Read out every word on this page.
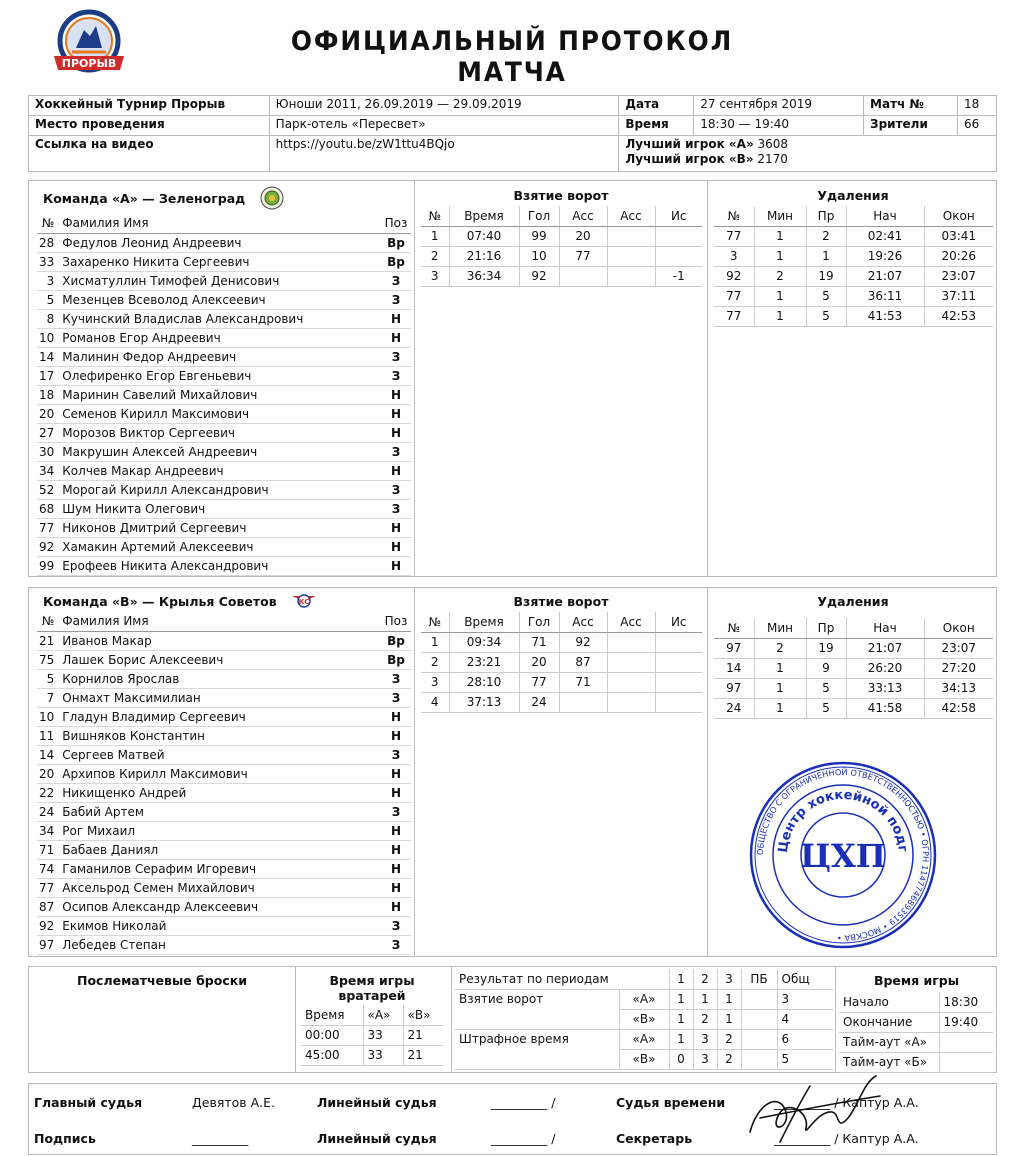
ПРОРЫВ
ОФИЦИАЛЬНЫЙ ПРОТОКОЛ МАТЧА
Хоккейный Турнир Прорыв	Юноши 2011, 26.09.2019 — 29.09.2019	Дата	27 сентября 2019	Матч №	18
Место проведения	Парк-отель «Пересвет»	Время	18:30 — 19:40	Зрители	66
Ссылка на видео	https://youtu.be/zW1ttu4BQjo	Лучший игрок «А» 3608
Лучший игрок «В» 2170			
Команда «А» — Зеленоград
№	Фамилия Имя	Поз
28	Федулов Леонид Андреевич	Вр
33	Захаренко Никита Сергеевич	Вр
3	Хисматуллин Тимофей Денисович	З
5	Мезенцев Всеволод Алексеевич	З
8	Кучинский Владислав Александрович	Н
10	Романов Егор Андреевич	Н
14	Малинин Федор Андреевич	З
17	Олефиренко Егор Евгеньевич	З
18	Маринин Савелий Михайлович	Н
20	Семенов Кирилл Максимович	Н
27	Морозов Виктор Сергеевич	Н
30	Макрушин Алексей Андреевич	З
34	Колчев Макар Андреевич	Н
52	Морогай Кирилл Александрович	З
68	Шум Никита Олегович	З
77	Никонов Дмитрий Сергеевич	Н
92	Хамакин Артемий Алексеевич	Н
99	Ерофеев Никита Александрович	Н
Взятие ворот
№	Время	Гол	Асс	Асс	Ис
1	07:40	99	20		
2	21:16	10	77		
3	36:34	92			-1
Удаления
№	Мин	Пр	Нач	Окон
77	1	2	02:41	03:41
3	1	1	19:26	20:26
92	2	19	21:07	23:07
77	1	5	36:11	37:11
77	1	5	41:53	42:53
Команда «В» — Крылья Советов	КС
№	Фамилия Имя	Поз
21	Иванов Макар	Вр
75	Лашек Борис Алексеевич	Вр
5	Корнилов Ярослав	З
7	Онмахт Максимилиан	З
10	Гладун Владимир Сергеевич	Н
11	Вишняков Константин	Н
14	Сергеев Матвей	З
20	Архипов Кирилл Максимович	Н
22	Никищенко Андрей	Н
24	Бабий Артем	З
34	Рог Михаил	Н
71	Бабаев Даниял	Н
74	Гаманилов Серафим Игоревич	Н
77	Аксельрод Семен Михайлович	Н
87	Осипов Александр Алексеевич	Н
92	Екимов Николай	З
97	Лебедев Степан	З
Взятие ворот
№	Время	Гол	Асс	Асс	Ис
1	09:34	71	92		
2	23:21	20	87		
3	28:10	77	71		
4	37:13	24			
Удаления
№	Мин	Пр	Нач	Окон
97	2	19	21:07	23:07
14	1	9	26:20	27:20
97	1	5	33:13	34:13
24	1	5	41:58	42:58
Послематчевые броски	Время игры вратарей
Время	«А»	«В»
00:00	33	21
45:00	33	21
Результат по периодам		1	2	3	ПБ	Общ
Взятие ворот	«А»	1	1	1		3
	«В»	1	2	1		4
Штрафное время	«А»	1	3	2		6
	«В»	0	3	2		5
Время игры
Начало	18:30
Окончание	19:40
Тайм-аут «А»	
Тайм-аут «Б»	
Главный судья	Девятов А.Е.	Линейный судья	_________ /	Судья времени	_________ / Каптур А.А.
Подпись	_________	Линейный судья	_________ /	Секретарь	_________ / Каптур А.А.
ОБЩЕСТВО С ОГРАНИЧЕННОЙ ОТВЕТСТВЕННОСТЬЮ • ОГРН 1147746893519 • МОСКВА •
Центр хоккейной подг
ЦХП
